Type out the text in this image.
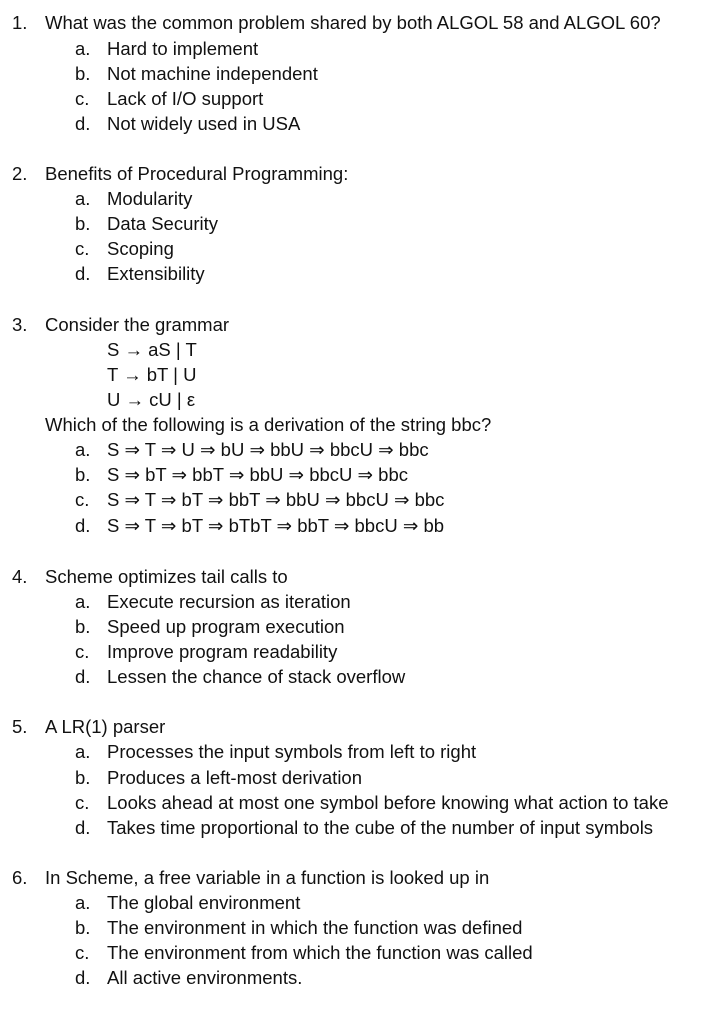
1. What was the common problem shared by both ALGOL 58 and ALGOL 60?
a. Hard to implement
b. Not machine independent
c. Lack of I/O support
d. Not widely used in USA
2. Benefits of Procedural Programming:
a. Modularity
b. Data Security
c. Scoping
d. Extensibility
3. Consider the grammar
S → aS | T
T → bT | U
U → cU | ε
Which of the following is a derivation of the string bbc?
a. S ⇒ T ⇒ U ⇒ bU ⇒ bbU ⇒ bbcU ⇒ bbc
b. S ⇒ bT ⇒ bbT ⇒ bbU ⇒ bbcU ⇒ bbc
c. S ⇒ T ⇒ bT ⇒ bbT ⇒ bbU ⇒ bbcU ⇒ bbc
d. S ⇒ T ⇒ bT ⇒ bTbT ⇒ bbT ⇒ bbcU ⇒ bb
4. Scheme optimizes tail calls to
a. Execute recursion as iteration
b. Speed up program execution
c. Improve program readability
d. Lessen the chance of stack overflow
5. A LR(1) parser
a. Processes the input symbols from left to right
b. Produces a left-most derivation
c. Looks ahead at most one symbol before knowing what action to take
d. Takes time proportional to the cube of the number of input symbols
6. In Scheme, a free variable in a function is looked up in
a. The global environment
b. The environment in which the function was defined
c. The environment from which the function was called
d. All active environments.
